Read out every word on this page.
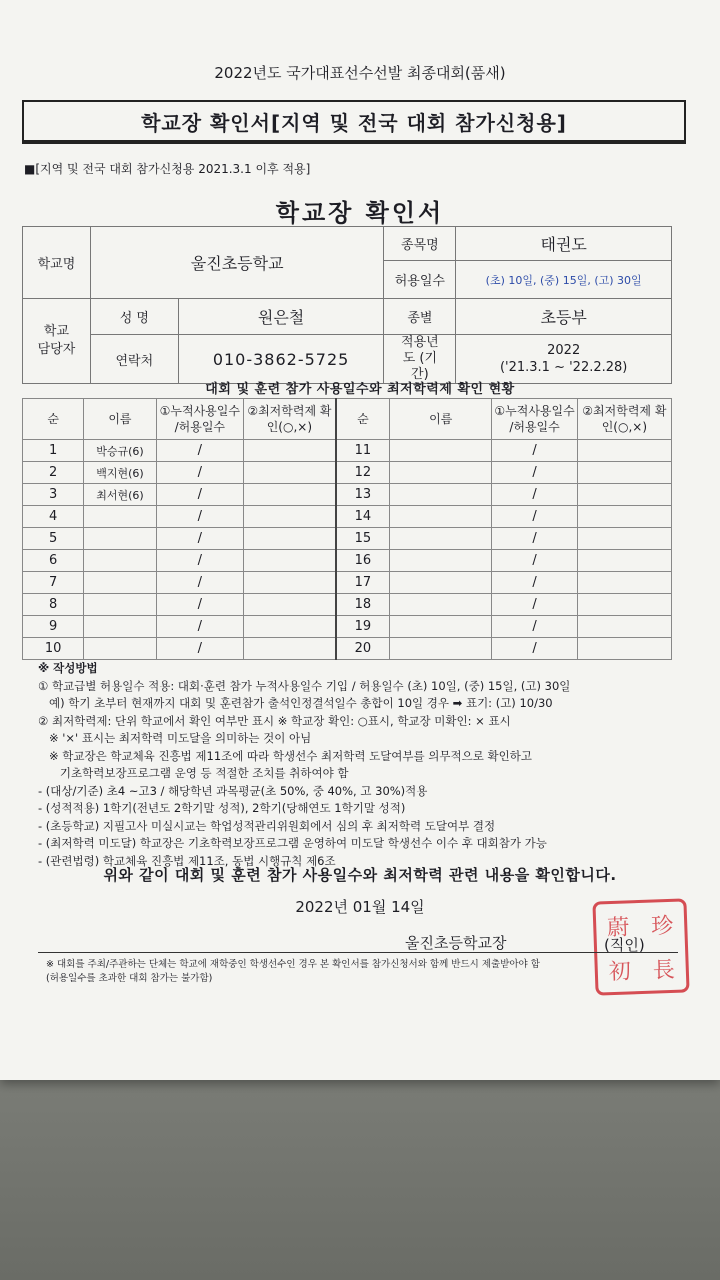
2022년도 국가대표선수선발 최종대회(품새)
학교장 확인서[지역 및 전국 대회 참가신청용]
■[지역 및 전국 대회 참가신청용 2021.3.1 이후 적용]
학교장 확인서
학교명	울진초등학교		종목명	태권도
			허용일수	(초) 10일, (중) 15일, (고) 30일
학교 담당자	성 명	원은철	종별	초등부
	연락처	010-3862-5725	적용년도 (기간)	2022
('21.3.1 ~ '22.2.28)
대회 및 훈련 참가 사용일수와 최저학력제 확인 현황
순	이름	①누적사용일수 /허용일수	②최저학력제 확인(○,×)	순	이름	①누적사용일수 /허용일수	②최저학력제 확인(○,×)
1	박승규(6)	/		11		/	
2	백지현(6)	/		12		/	
3	최서현(6)	/		13		/	
4		/		14		/	
5		/		15		/	
6		/		16		/	
7		/		17		/	
8		/		18		/	
9		/		19		/	
10		/		20		/	

※ 작성방법

① 학교급별 허용일수 적용: 대회·훈련 참가 누적사용일수 기입 / 허용일수 (초) 10일, (중) 15일, (고) 30일

예) 학기 초부터 현재까지 대회 및 훈련참가 출석인정결석일수 총합이 10일 경우 ➡ 표기: (고) 10/30

② 최저학력제: 단위 학교에서 확인 여부만 표시 ※ 학교장 확인: ○표시, 학교장 미확인: × 표시

※ '×' 표시는 최저학력 미도달을 의미하는 것이 아님

※ 학교장은 학교체육 진흥법 제11조에 따라 학생선수 최저학력 도달여부를 의무적으로 확인하고

기초학력보장프로그램 운영 등 적절한 조치를 취하여야 함

- (대상/기준) 초4 ~고3 / 해당학년 과목평균(초 50%, 중 40%, 고 30%)적용

- (성적적용) 1학기(전년도 2학기말 성적), 2학기(당해연도 1학기말 성적)

- (초등학교) 지필고사 미실시교는 학업성적관리위원회에서 심의 후 최저학력 도달여부 결정

- (최저학력 미도달) 학교장은 기초학력보장프로그램 운영하여 미도달 학생선수 이수 후 대회참가 가능

- (관련법령) 학교체육 진흥법 제11조, 동법 시행규칙 제6조

위와 같이 대회 및 훈련 참가 사용일수와 최저학력 관련 내용을 확인합니다.
2022년 01월 14일
울진초등학교장
蔚 珍
初 長
(직인)

※ 대회를 주최/주관하는 단체는 학교에 재학중인 학생선수인 경우 본 확인서를 참가신청서와 함께 반드시 제출받아야 함

(허용일수를 초과한 대회 참가는 불가함)
